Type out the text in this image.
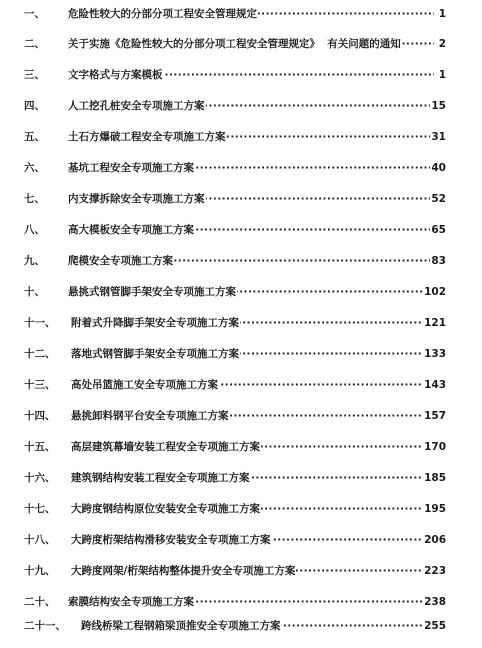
一、 ····· 危险性较大的分部分项工程安全管理规定	1
二、 ····· 关于实施《危险性较大的分部分项工程安全管理规定》  有关问题的通知	2
三、 ····· 文字格式与方案模板	1
四、 ····· 人工挖孔桩安全专项施工方案	15
五、 ····· 土石方爆破工程安全专项施工方案	31
六、 ····· 基坑工程安全专项施工方案	40
七、 ····· 内支撑拆除安全专项施工方案	52
八、 ····· 高大模板安全专项施工方案	65
九、 ····· 爬模安全专项施工方案	83
十、 ····· 悬挑式钢管脚手架安全专项施工方案	102
十一、 ····· 附着式升降脚手架安全专项施工方案	121
十二、 ····· 落地式钢管脚手架安全专项施工方案	133
十三、 ····· 高处吊篮施工安全专项施工方案	143
十四、 ····· 悬挑卸料钢平台安全专项施工方案	157
十五、 ····· 高层建筑幕墙安装工程安全专项施工方案	170
十六、 ····· 建筑钢结构安装工程安全专项施工方案	185
十七、 ····· 大跨度钢结构原位安装安全专项施工方案	195
十八、 ····· 大跨度桁架结构滑移安装安全专项施工方案	206
十九、 ····· 大跨度网架/桁架结构整体提升安全专项施工方案	223
二十、 ····· 索膜结构安全专项施工方案	238
二十一、 ····· 跨线桥梁工程钢箱梁顶推安全专项施工方案	255
